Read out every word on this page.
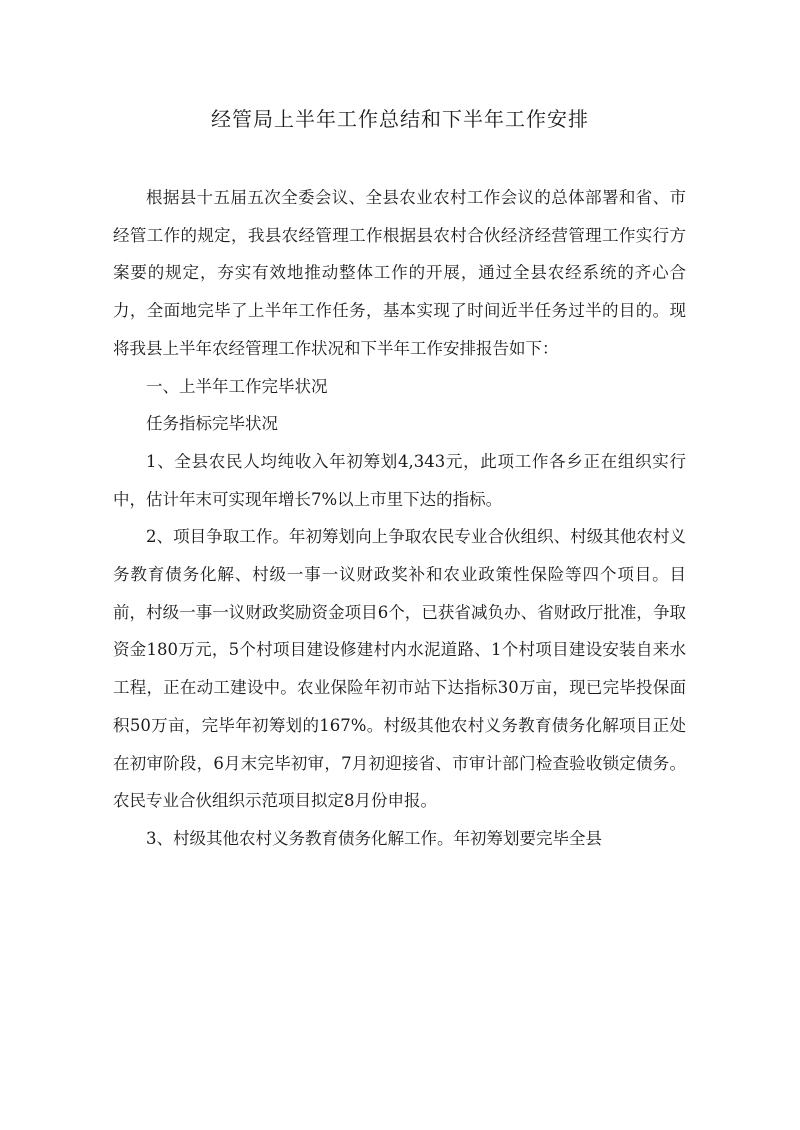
经管局上半年工作总结和下半年工作安排

根据县十五届五次全委会议、全县农业农村工作会议的总体部署和省、市经管工作的规定，我县农经管理工作根据县农村合伙经济经营管理工作实行方案要的规定，夯实有效地推动整体工作的开展，通过全县农经系统的齐心合力，全面地完毕了上半年工作任务，基本实现了时间近半任务过半的目的。现将我县上半年农经管理工作状况和下半年工作安排报告如下：

一、上半年工作完毕状况

任务指标完毕状况

1、全县农民人均纯收入年初筹划4,343元，此项工作各乡正在组织实行中，估计年末可实现年增长7%以上市里下达的指标。

2、项目争取工作。年初筹划向上争取农民专业合伙组织、村级其他农村义务教育债务化解、村级一事一议财政奖补和农业政策性保险等四个项目。目前，村级一事一议财政奖励资金项目6个，已获省减负办、省财政厅批准，争取资金180万元，5个村项目建设修建村内水泥道路、1个村项目建设安装自来水工程，正在动工建设中。农业保险年初市站下达指标30万亩，现已完毕投保面积50万亩，完毕年初筹划的167%。村级其他农村义务教育债务化解项目正处在初审阶段，6月末完毕初审，7月初迎接省、市审计部门检查验收锁定债务。农民专业合伙组织示范项目拟定8月份申报。

3、村级其他农村义务教育债务化解工作。年初筹划要完毕全县
